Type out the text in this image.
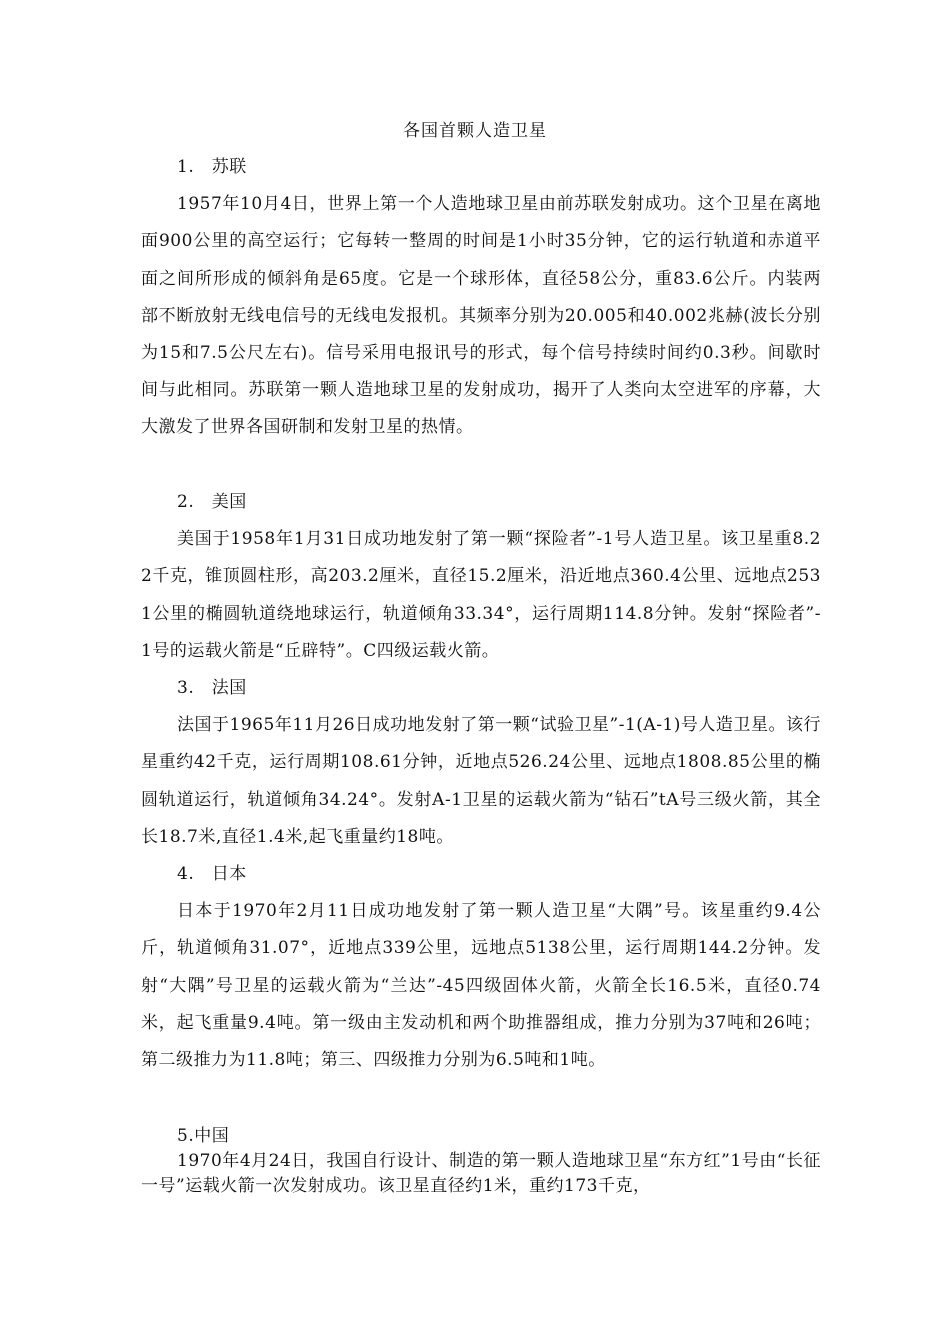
各国首颗人造卫星
1.　苏联
1957年10月4日，世界上第一个人造地球卫星由前苏联发射成功。这个卫星在离地面900公里的高空运行；它每转一整周的时间是1小时35分钟，它的运行轨道和赤道平面之间所形成的倾斜角是65度。它是一个球形体，直径58公分，重83.6公斤。内装两部不断放射无线电信号的无线电发报机。其频率分别为20.005和40.002兆赫(波长分别为15和7.5公尺左右)。信号采用电报讯号的形式，每个信号持续时间约0.3秒。间歇时间与此相同。苏联第一颗人造地球卫星的发射成功，揭开了人类向太空进军的序幕，大大激发了世界各国研制和发射卫星的热情。
2.　美国
美国于1958年1月31日成功地发射了第一颗“探险者”-1号人造卫星。该卫星重8.22千克，锥顶圆柱形，高203.2厘米，直径15.2厘米，沿近地点360.4公里、远地点2531公里的椭圆轨道绕地球运行，轨道倾角33.34°，运行周期114.8分钟。发射“探险者”-1号的运载火箭是“丘辟特”。C四级运载火箭。
3.　法国
法国于1965年11月26日成功地发射了第一颗“试验卫星”-1(A-1)号人造卫星。该行星重约42千克，运行周期108.61分钟，近地点526.24公里、远地点1808.85公里的椭圆轨道运行，轨道倾角34.24°。发射A-1卫星的运载火箭为“钻石”tA号三级火箭，其全长18.7米,直径1.4米,起飞重量约18吨。
4.　日本
日本于1970年2月11日成功地发射了第一颗人造卫星“大隅”号。该星重约9.4公斤，轨道倾角31.07°，近地点339公里，远地点5138公里，运行周期144.2分钟。发射“大隅”号卫星的运载火箭为“兰达”-45四级固体火箭，火箭全长16.5米，直径0.74米，起飞重量9.4吨。第一级由主发动机和两个助推器组成，推力分别为37吨和26吨；第二级推力为11.8吨；第三、四级推力分别为6.5吨和1吨。
5.中国
1970年4月24日，我国自行设计、制造的第一颗人造地球卫星“东方红”1号由“长征一号”运载火箭一次发射成功。该卫星直径约1米，重约173千克，
